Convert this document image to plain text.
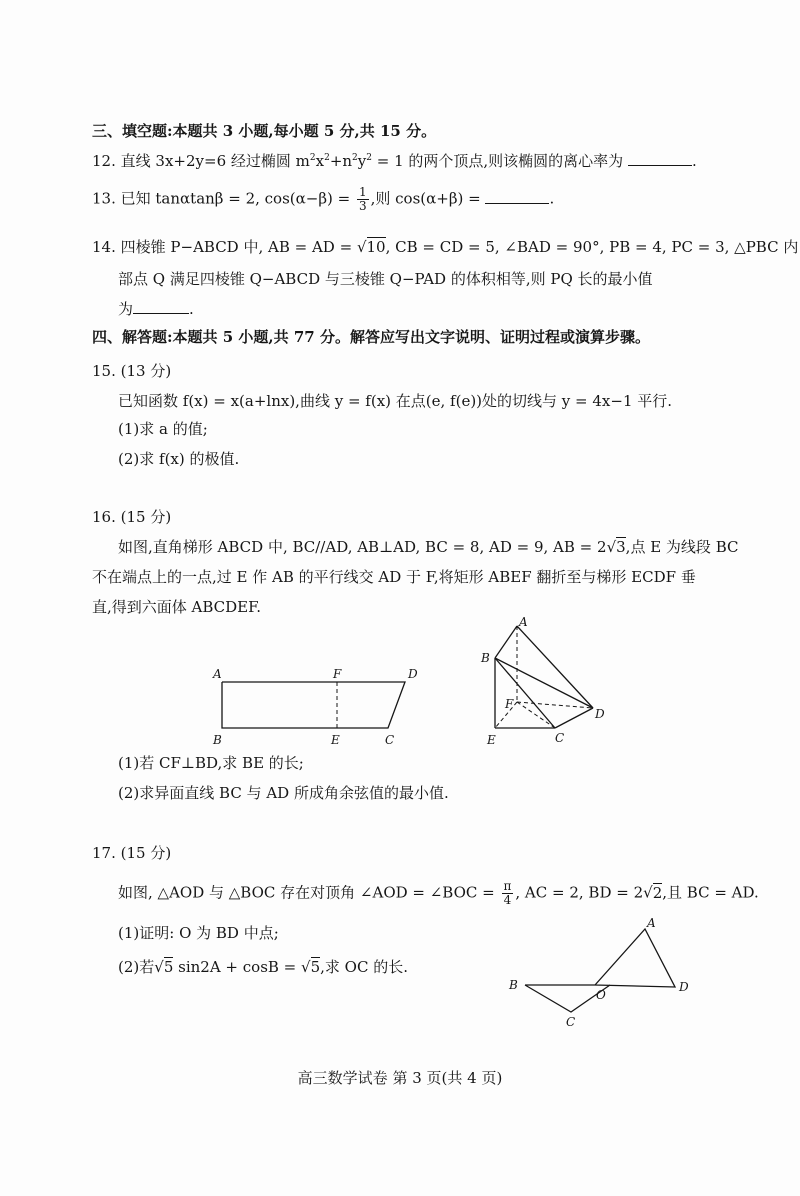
三、填空题:本题共 3 小题,每小题 5 分,共 15 分。
12. 直线 3x+2y=6 经过椭圆 $m^2x^2+n^2y^2 = 1$ 的两个顶点,则该椭圆的离心率为	.
13. 已知 tanαtanβ = 2, $\cos(\alpha-\beta) = \frac{1}{3}$ ,则 cos(α+β) =	.
14. 四棱锥 P−ABCD 中, AB = AD = √10, CB = CD = 5, ∠BAD = 90°, PB = 4, PC = 3, △PBC 内
部点 Q 满足四棱锥 Q−ABCD 与三棱锥 Q−PAD 的体积相等,则 PQ 长的最小值
为	.
四、解答题:本题共 5 小题,共 77 分。解答应写出文字说明、证明过程或演算步骤。
15. (13 分)
已知函数 f(x) = x(a+lnx),曲线 y = f(x) 在点(e, f(e))处的切线与 y = 4x−1 平行.
(1)求 a 的值;
(2)求 f(x) 的极值.
16. (15 分)
如图,直角梯形 ABCD 中, BC//AD, AB⊥AD, BC = 8, AD = 9, AB = 2√3,点 E 为线段 BC
不在端点上的一点,过 E 作 AB 的平行线交 AD 于 F,将矩形 ABEF 翻折至与梯形 ECDF 垂
直,得到六面体 ABCDEF.
A	F	D
B	E	C
A
B
F
D
E	C
(1)若 CF⊥BD,求 BE 的长;
(2)求异面直线 BC 与 AD 所成角余弦值的最小值.
17. (15 分)
如图, △AOD 与 △BOC 存在对顶角 ∠AOD = ∠BOC = $\frac{\pi}{4}$ , AC = 2, BD = 2√2,且 BC = AD.
(1)证明: O 为 BD 中点;
(2)若√5 sin2A + cosB = √5,求 OC 的长.
A
B
O
D
C
高三数学试卷 第 3 页(共 4 页)
